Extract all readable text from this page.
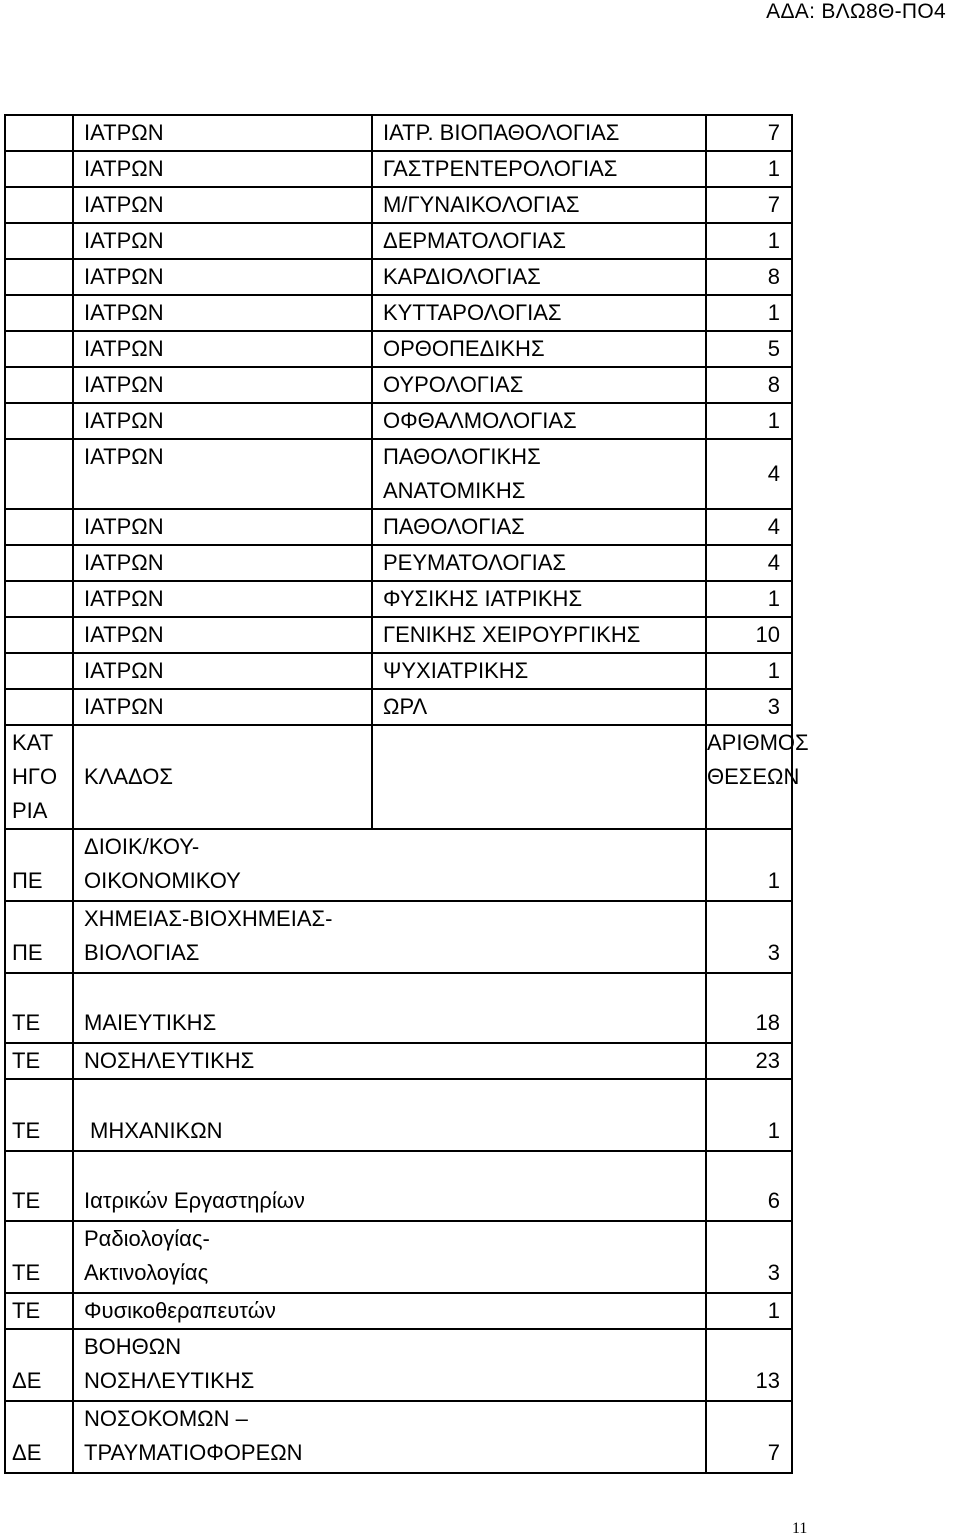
ΑΔΑ: ΒΛΩ8Θ-ΠΟ4
	ΙΑΤΡΩΝ	ΙΑΤΡ. ΒΙΟΠΑΘΟΛΟΓΙΑΣ	7
	ΙΑΤΡΩΝ	ΓΑΣΤΡΕΝΤΕΡΟΛΟΓΙΑΣ	1
	ΙΑΤΡΩΝ	Μ/ΓΥΝΑΙΚΟΛΟΓΙΑΣ	7
	ΙΑΤΡΩΝ	ΔΕΡΜΑΤΟΛΟΓΙΑΣ	1
	ΙΑΤΡΩΝ	ΚΑΡΔΙΟΛΟΓΙΑΣ	8
	ΙΑΤΡΩΝ	ΚΥΤΤΑΡΟΛΟΓΙΑΣ	1
	ΙΑΤΡΩΝ	ΟΡΘΟΠΕΔΙΚΗΣ	5
	ΙΑΤΡΩΝ	ΟΥΡΟΛΟΓΙΑΣ	8
	ΙΑΤΡΩΝ	ΟΦΘΑΛΜΟΛΟΓΙΑΣ	1
	ΙΑΤΡΩΝ	ΠΑΘΟΛΟΓΙΚΗΣ
ΑΝΑΤΟΜΙΚΗΣ	4
	ΙΑΤΡΩΝ	ΠΑΘΟΛΟΓΙΑΣ	4
	ΙΑΤΡΩΝ	ΡΕΥΜΑΤΟΛΟΓΙΑΣ	4
	ΙΑΤΡΩΝ	ΦΥΣΙΚΗΣ ΙΑΤΡΙΚΗΣ	1
	ΙΑΤΡΩΝ	ΓΕΝΙΚΗΣ ΧΕΙΡΟΥΡΓΙΚΗΣ	10
	ΙΑΤΡΩΝ	ΨΥΧΙΑΤΡΙΚΗΣ	1
	ΙΑΤΡΩΝ	ΩΡΛ	3
ΚΑΤ
ΗΓΟ
ΡΙΑ	ΚΛΑΔΟΣ		ΑΡΙΘΜΟΣ
ΘΕΣΕΩΝ
ΠΕ	ΔΙΟΙΚ/ΚΟΥ-
ΟΙΚΟΝΟΜΙΚΟΥ		1
ΠΕ	ΧΗΜΕΙΑΣ-ΒΙΟΧΗΜΕΙΑΣ-
ΒΙΟΛΟΓΙΑΣ		3
ΤΕ	ΜΑΙΕΥΤΙΚΗΣ		18
ΤΕ	ΝΟΣΗΛΕΥΤΙΚΗΣ		23
ΤΕ	ΜΗΧΑΝΙΚΩΝ		1
ΤΕ	Ιατρικών Εργαστηρίων		6
ΤΕ	Ραδιολογίας-
Ακτινολογίας		3
ΤΕ	Φυσικοθεραπευτών		1
ΔΕ	ΒΟΗΘΩΝ
ΝΟΣΗΛΕΥΤΙΚΗΣ		13
ΔΕ	ΝΟΣΟΚΟΜΩΝ –
ΤΡΑΥΜΑΤΙΟΦΟΡΕΩΝ		7
11
